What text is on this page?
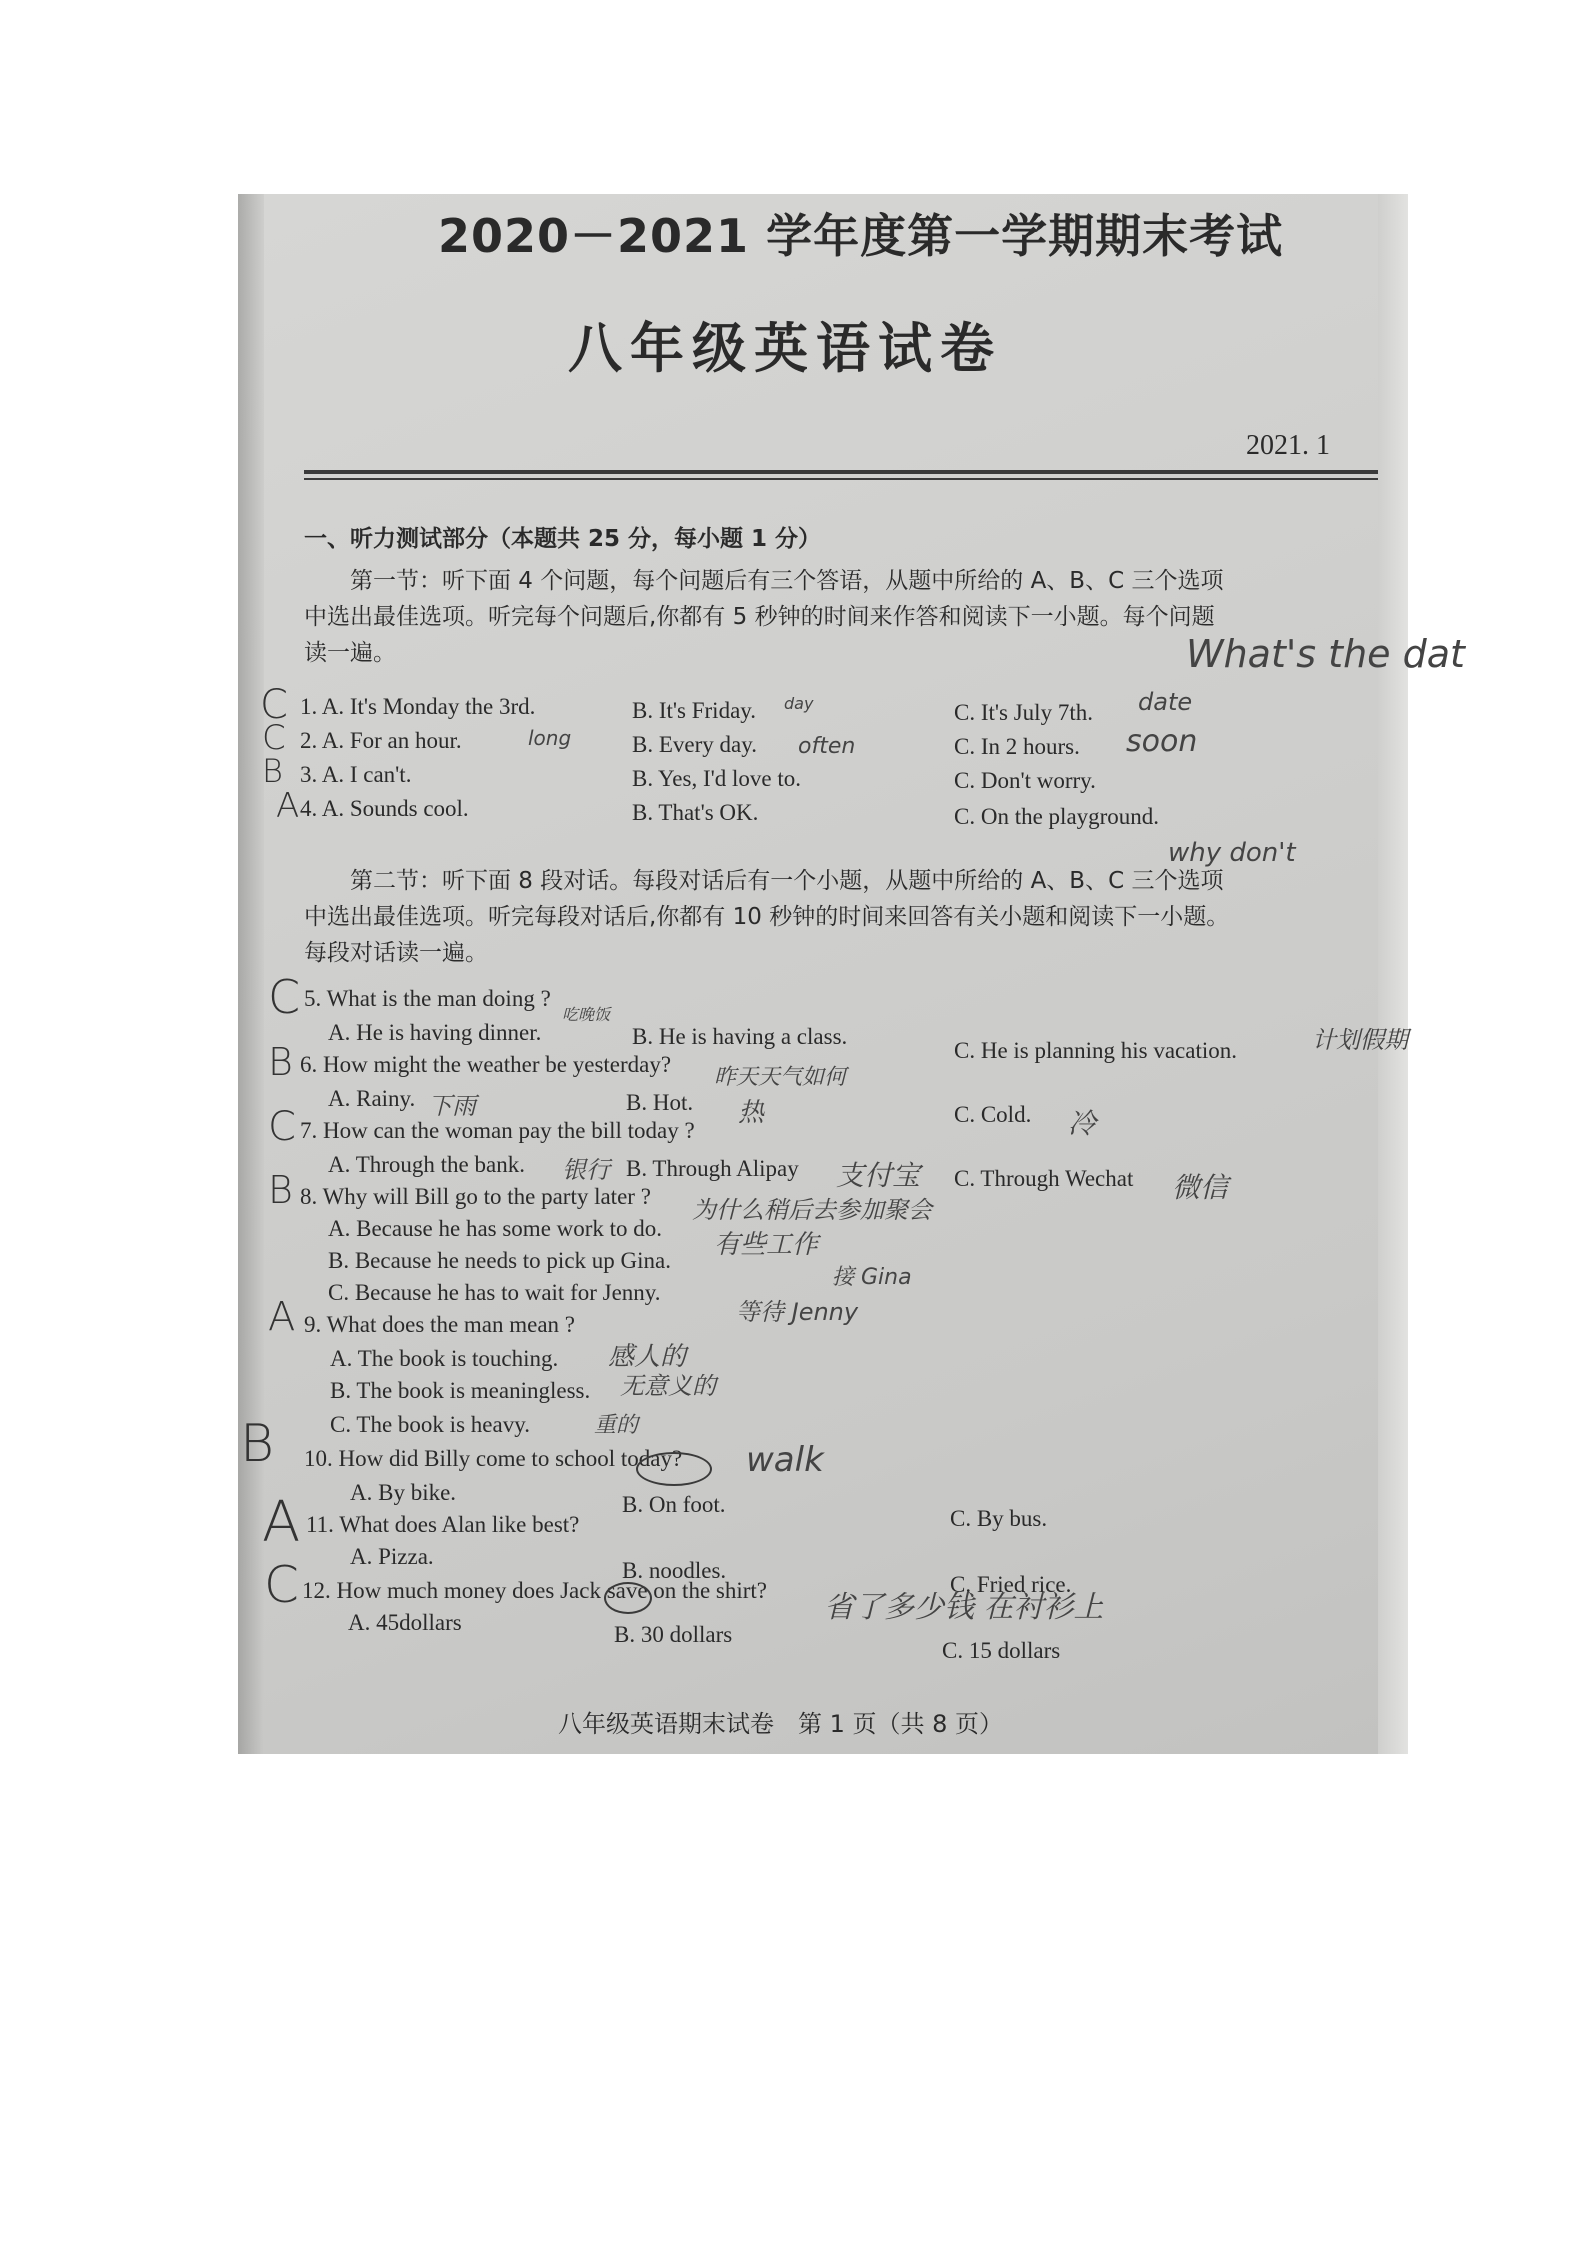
2020－2021 学年度第一学期期末考试
八年级英语试卷
2021. 1
一、听力测试部分（本题共 25 分，每小题 1 分）
第一节：听下面 4 个问题，每个问题后有三个答语，从题中所给的 A、B、C 三个选项
中选出最佳选项。听完每个问题后,你都有 5 秒钟的时间来作答和阅读下一小题。每个问题
读一遍。
1. A. It's Monday the 3rd.	B. It's Friday.	C. It's July 7th.
2. A. For an hour.	B. Every day.	C. In 2 hours.
3. A. I can't.	B. Yes, I'd love to.	C. Don't worry.
4. A. Sounds cool.	B. That's OK.	C. On the playground.
第二节：听下面 8 段对话。每段对话后有一个小题，从题中所给的 A、B、C 三个选项
中选出最佳选项。听完每段对话后,你都有 10 秒钟的时间来回答有关小题和阅读下一小题。
每段对话读一遍。
5. What is the man doing ?
A. He is having dinner.	B. He is having a class.
C. He is planning his vacation.
6. How might the weather be yesterday?
A. Rainy.	B. Hot.	C. Cold.
7. How can the woman pay the bill today ?
A. Through the bank.	B. Through Alipay	C. Through Wechat
8. Why will Bill go to the party later ?
A. Because he has some work to do.
B. Because he needs to pick up Gina.
C. Because he has to wait for Jenny.
9. What does the man mean ?
A. The book is touching.
B. The book is meaningless.
C. The book is heavy.
10. How did Billy come to school today?
A. By bike.	B. On foot.
C. By bus.
11. What does Alan like best?
A. Pizza.
B. noodles.
C. Fried rice.
12. How much money does Jack save on the shirt?
A. 45dollars	B. 30 dollars
C. 15 dollars
C
C
B
A
C
B
C
B
A
B
A
C
What's the dat
day	date
long	often	soon
why don't
吃晚饭
计划假期
昨天天气如何
下雨	热	冷
银行	支付宝	微信
为什么稍后去参加聚会
有些工作
接 Gina
等待 Jenny
感人的
无意义的
重的
walk
省了多少钱 在衬衫上
八年级英语期末试卷　第 1 页（共 8 页）
